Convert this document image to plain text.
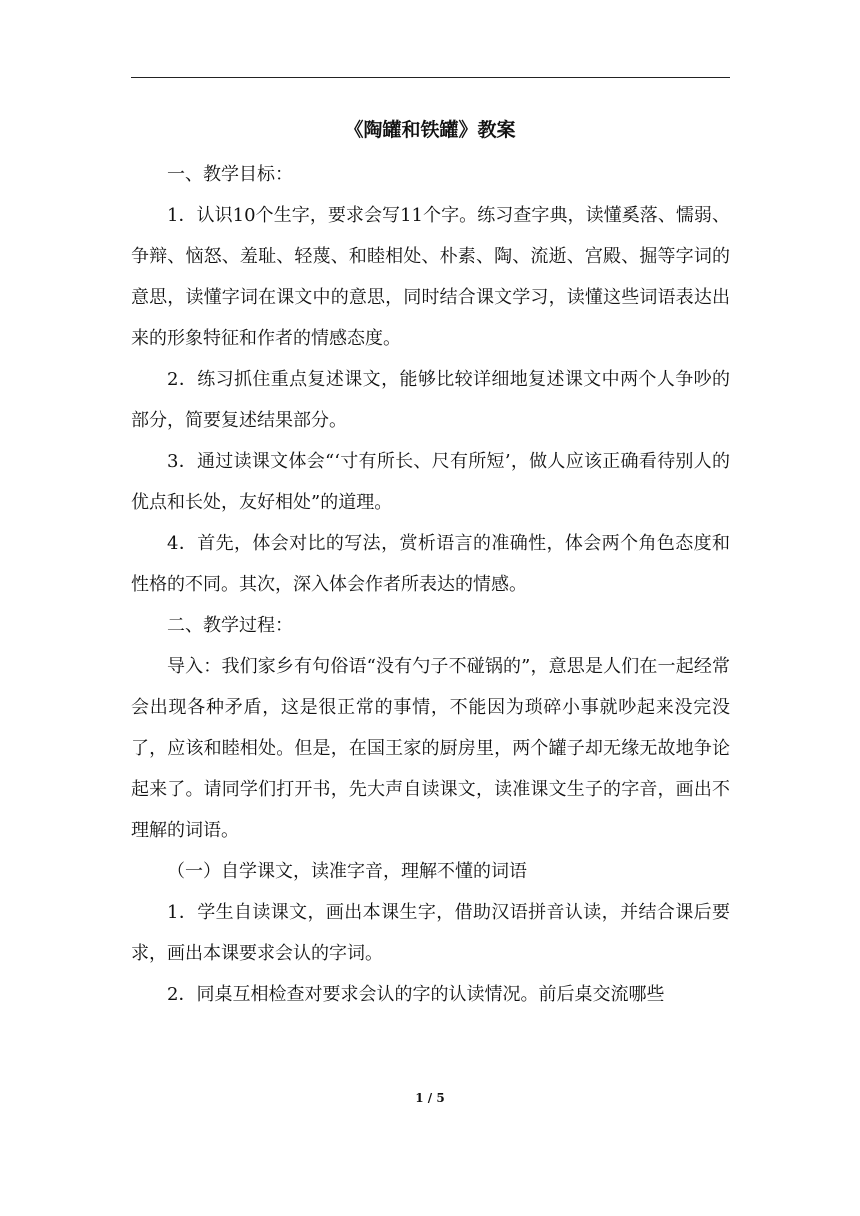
《陶罐和铁罐》教案

一、教学目标：

1．认识10个生字，要求会写11个字。练习查字典，读懂奚落、懦弱、争辩、恼怒、羞耻、轻蔑、和睦相处、朴素、陶、流逝、宫殿、掘等字词的意思，读懂字词在课文中的意思，同时结合课文学习，读懂这些词语表达出来的形象特征和作者的情感态度。

2．练习抓住重点复述课文，能够比较详细地复述课文中两个人争吵的部分，简要复述结果部分。

3．通过读课文体会“‘寸有所长、尺有所短’，做人应该正确看待别人的优点和长处，友好相处”的道理。

4．首先，体会对比的写法，赏析语言的准确性，体会两个角色态度和性格的不同。其次，深入体会作者所表达的情感。

二、教学过程：

导入：我们家乡有句俗语“没有勺子不碰锅的”，意思是人们在一起经常会出现各种矛盾，这是很正常的事情，不能因为琐碎小事就吵起来没完没了，应该和睦相处。但是，在国王家的厨房里，两个罐子却无缘无故地争论起来了。请同学们打开书，先大声自读课文，读准课文生子的字音，画出不理解的词语。

（一）自学课文，读准字音，理解不懂的词语

1．学生自读课文，画出本课生字，借助汉语拼音认读，并结合课后要求，画出本课要求会认的字词。

2．同桌互相检查对要求会认的字的认读情况。前后桌交流哪些

1 / 5
